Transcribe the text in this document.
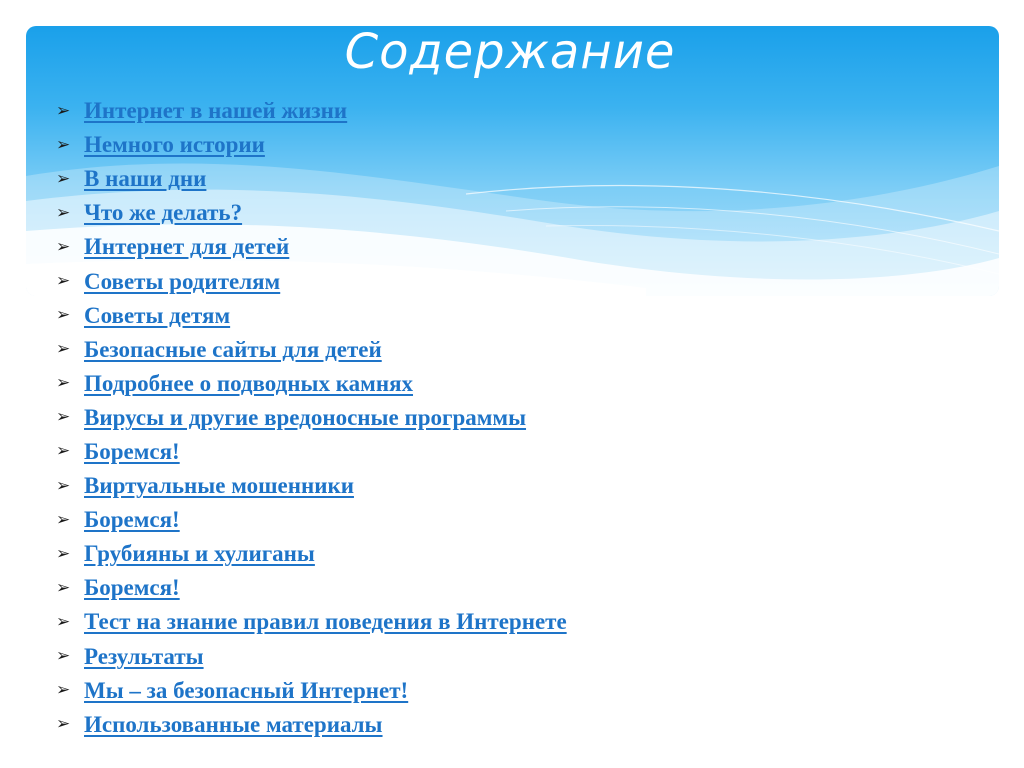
Содержание
➢ Интернет в нашей жизни
➢ Немного истории
➢ В наши дни
➢ Что же делать?
➢ Интернет для детей
➢ Советы родителям
➢ Советы детям
➢ Безопасные сайты для детей
➢ Подробнее о подводных камнях
➢ Вирусы и другие вредоносные программы
➢ Боремся!
➢ Виртуальные мошенники
➢ Боремся!
➢ Грубияны и хулиганы
➢ Боремся!
➢ Тест на знание правил поведения в Интернете
➢ Результаты
➢ Мы – за безопасный Интернет!
➢ Использованные материалы
